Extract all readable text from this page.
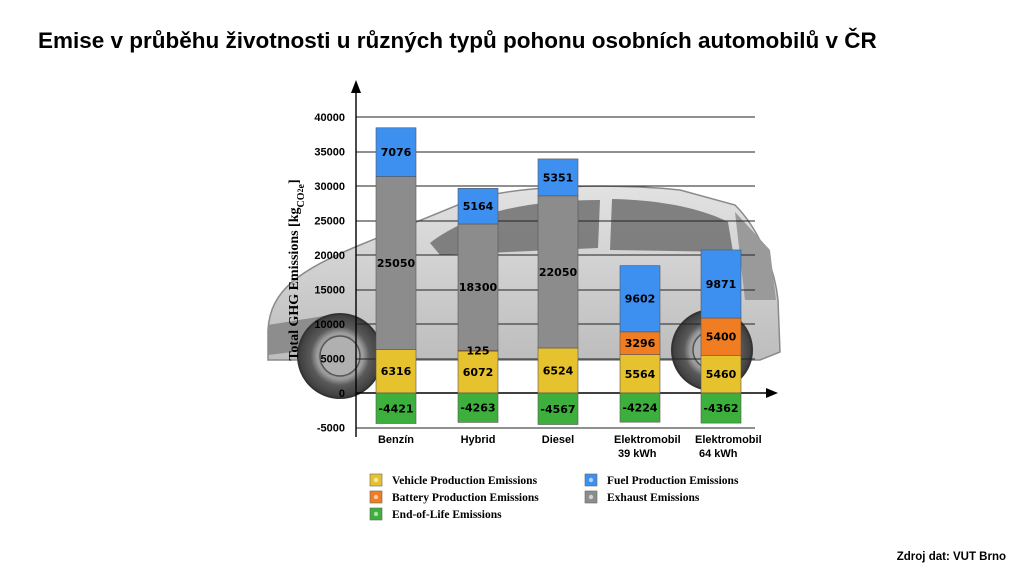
Emise v průběhu životnosti u různých typů pohonu osobních automobilů v ČR
40000
35000
30000
25000
20000
15000
10000
5000
0
-5000
6316
25050
7076
-4421
6072
125
18300
5164
-4263
6524
22050
5351
-4567
5564
3296
9602
-4224
5460
5400
9871
-4362
Benzín	Hybrid	Diesel	Elektromobil 39 kWh
Elektromobil 64 kWh
Total GHG Emissions $[kg_{CO2e}]$
Vehicle Production Emissions	Fuel Production Emissions
Battery Production Emissions	Exhaust Emissions
End-of-Life Emissions
Zdroj dat: VUT Brno
